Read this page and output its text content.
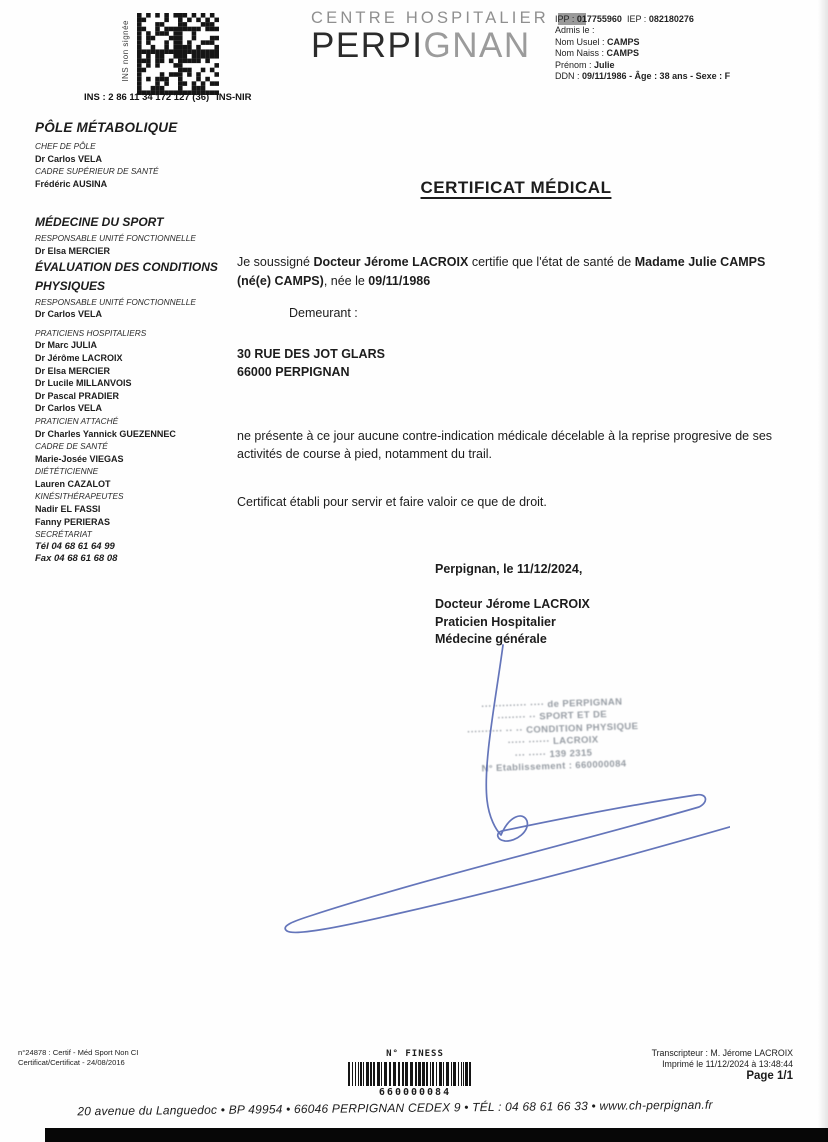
INS non signée
INS : 2 86 11 34 172 127 (36) INS-NIR
CENTRE HOSPITALIER
PERPIGNAN
IPP : 017755960 IEP : 082180276
Admis le :
Nom Usuel : CAMPS
Nom Naiss : CAMPS
Prénom : Julie
DDN : 09/11/1986 - Âge : 38 ans - Sexe : F
PÔLE MÉTABOLIQUE
CHEF DE PÔLE
Dr Carlos VELA
CADRE SUPÉRIEUR DE SANTÉ
Frédéric AUSINA
MÉDECINE DU SPORT
RESPONSABLE UNITÉ FONCTIONNELLE
Dr Elsa MERCIER
ÉVALUATION DES CONDITIONS PHYSIQUES
RESPONSABLE UNITÉ FONCTIONNELLE
Dr Carlos VELA
PRATICIENS HOSPITALIERS
Dr Marc JULIA
Dr Jérôme LACROIX
Dr Elsa MERCIER
Dr Lucile MILLANVOIS
Dr Pascal PRADIER
Dr Carlos VELA
PRATICIEN ATTACHÉ
Dr Charles Yannick GUEZENNEC
CADRE DE SANTÉ
Marie-Josée VIEGAS
DIÉTÉTICIENNE
Lauren CAZALOT
KINÉSITHÉRAPEUTES
Nadir EL FASSI
Fanny PERIERAS
SECRÉTARIAT
Tél 04 68 61 64 99
Fax 04 68 61 68 08
CERTIFICAT MÉDICAL

Je soussigné Docteur Jérome LACROIX certifie que l'état de santé de Madame Julie CAMPS (né(e) CAMPS), née le 09/11/1986

Demeurant :

30 RUE DES JOT GLARS
66000 PERPIGNAN

ne présente à ce jour aucune contre-indication médicale décelable à la reprise progresive de ses activités de course à pied, notamment du trail.

Certificat établi pour servir et faire valoir ce que de droit.

Perpignan, le 11/12/2024,
Docteur Jérome LACROIX
Praticien Hospitalier
Médecine générale
··· ········· ···· de PERPIGNAN
········ ·· SPORT ET DE
·········· ·· ·· CONDITION PHYSIQUE
····· ······ LACROIX
··· ····· 139 2315
N° Etablissement : 660000084
n°24878 : Certif - Méd Sport Non CI
Certificat/Certificat - 24/08/2016
N° FINESS
660000084
Transcripteur : M. Jérome LACROIX
Imprimé le 11/12/2024 à 13:48:44
Page 1/1
20 avenue du Languedoc • BP 49954 • 66046 PERPIGNAN CEDEX 9 • TÉL : 04 68 61 66 33 • www.ch-perpignan.fr
